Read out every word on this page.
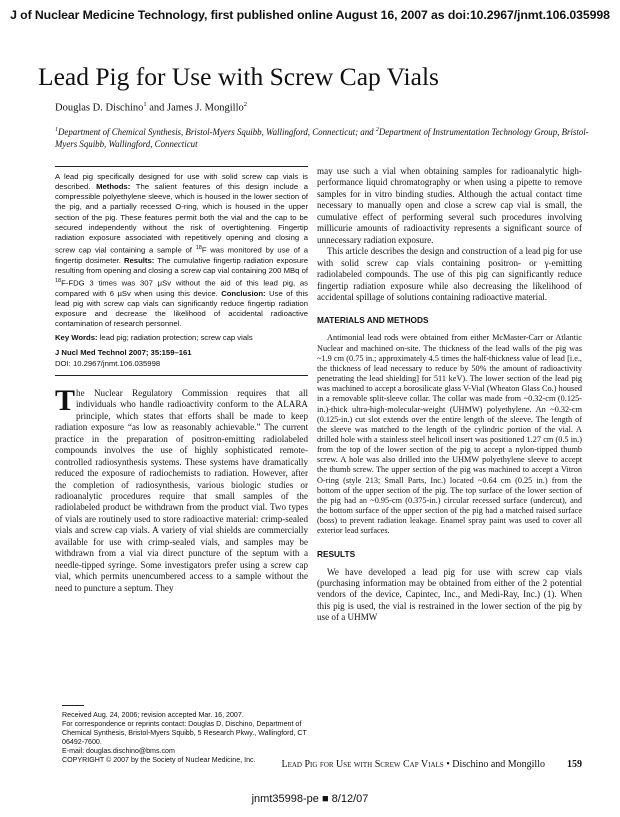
J of Nuclear Medicine Technology, first published online August 16, 2007 as doi:10.2967/jnmt.106.035998
Lead Pig for Use with Screw Cap Vials
Douglas D. Dischino$^1$ and James J. Mongillo$^2$
$^1$Department of Chemical Synthesis, Bristol-Myers Squibb, Wallingford, Connecticut; and $^2$Department of Instrumentation Technology Group, Bristol-Myers Squibb, Wallingford, Connecticut

A lead pig specifically designed for use with solid screw cap vials is described. Methods: The salient features of this design include a compressible polyethylene sleeve, which is housed in the lower section of the pig, and a partially recessed O-ring, which is housed in the upper section of the pig. These features permit both the vial and the cap to be secured independently without the risk of overtightening. Fingertip radiation exposure associated with repetitively opening and closing a screw cap vial containing a sample of $^{18}$F was monitored by use of a fingertip dosimeter. Results: The cumulative fingertip radiation exposure resulting from opening and closing a screw cap vial containing 200 MBq of $^{18}$F-FDG 3 times was 307 μSv without the aid of this lead pig, as compared with 6 μSv when using this device. Conclusion: Use of this lead pig with screw cap vials can significantly reduce fingertip radiation exposure and decrease the likelihood of accidental radioactive contamination of research personnel.

Key Words: lead pig; radiation protection; screw cap vials

J Nucl Med Technol 2007; 35:159–161
DOI: 10.2967/jnmt.106.035998

The Nuclear Regulatory Commission requires that all individuals who handle radioactivity conform to the ALARA principle, which states that efforts shall be made to keep radiation exposure “as low as reasonably achievable.” The current practice in the preparation of positron-emitting radiolabeled compounds involves the use of highly sophisticated remote-controlled radiosynthesis systems. These systems have dramatically reduced the exposure of radiochemists to radiation. However, after the completion of radiosynthesis, various biologic studies or radioanalytic procedures require that small samples of the radiolabeled product be withdrawn from the product vial. Two types of vials are routinely used to store radioactive material: crimp-sealed vials and screw cap vials. A variety of vial shields are commercially available for use with crimp-sealed vials, and samples may be withdrawn from a vial via direct puncture of the septum with a needle-tipped syringe. Some investigators prefer using a screw cap vial, which permits unencumbered access to a sample without the need to puncture a septum. They

may use such a vial when obtaining samples for radioanalytic high-performance liquid chromatography or when using a pipette to remove samples for in vitro binding studies. Although the actual contact time necessary to manually open and close a screw cap vial is small, the cumulative effect of performing several such procedures involving millicurie amounts of radioactivity represents a significant source of unnecessary radiation exposure.

This article describes the design and construction of a lead pig for use with solid screw cap vials containing positron- or γ-emitting radiolabeled compounds. The use of this pig can significantly reduce fingertip radiation exposure while also decreasing the likelihood of accidental spillage of solutions containing radioactive material.

MATERIALS AND METHODS

Antimonial lead rods were obtained from either McMaster-Carr or Atlantic Nuclear and machined on-site. The thickness of the lead walls of the pig was ~1.9 cm (0.75 in.; approximately 4.5 times the half-thickness value of lead [i.e., the thickness of lead necessary to reduce by 50% the amount of radioactivity penetrating the lead shielding] for 511 keV). The lower section of the lead pig was machined to accept a borosilicate glass V-Vial (Wheaton Glass Co.) housed in a removable split-sleeve collar. The collar was made from ~0.32-cm (0.125-in.)-thick ultra-high-molecular-weight (UHMW) polyethylene. An ~0.32-cm (0.125-in.) cut slot extends over the entire length of the sleeve. The length of the sleeve was matched to the length of the cylindric portion of the vial. A drilled hole with a stainless steel helicoil insert was positioned 1.27 cm (0.5 in.) from the top of the lower section of the pig to accept a nylon-tipped thumb screw. A hole was also drilled into the UHMW polyethylene sleeve to accept the thumb screw. The upper section of the pig was machined to accept a Vitron O-ring (style 213; Small Parts, Inc.) located ~0.64 cm (0.25 in.) from the bottom of the upper section of the pig. The top surface of the lower section of the pig had an ~0.95-cm (0.375-in.) circular recessed surface (undercut), and the bottom surface of the upper section of the pig had a matched raised surface (boss) to prevent radiation leakage. Enamel spray paint was used to cover all exterior lead surfaces.

RESULTS

We have developed a lead pig for use with screw cap vials (purchasing information may be obtained from either of the 2 potential vendors of the device, Capintec, Inc., and Medi-Ray, Inc.) (1). When this pig is used, the vial is restrained in the lower section of the pig by use of a UHMW

Received Aug. 24, 2006; revision accepted Mar. 16, 2007.

For correspondence or reprints contact: Douglas D. Dischino, Department of Chemical Synthesis, Bristol-Myers Squibb, 5 Research Pkwy., Wallingford, CT 06492-7600.

E-mail: douglas.dischino@bms.com

COPYRIGHT © 2007 by the Society of Nuclear Medicine, Inc.	Lead Pig for Use with Screw Cap Vials • Dischino and Mongillo 159
jnmt35998-pe ■ 8/12/07
